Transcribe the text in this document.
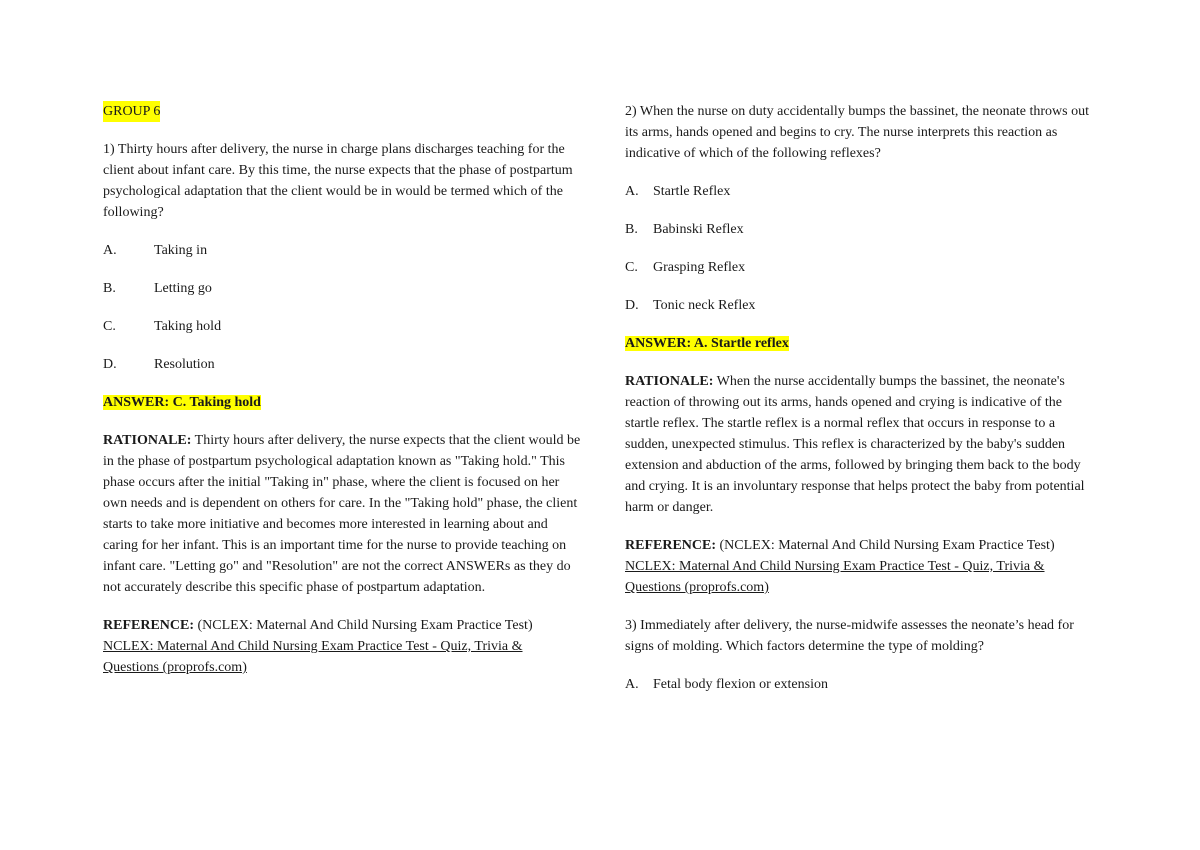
GROUP 6

1) Thirty hours after delivery, the nurse in charge plans discharges teaching for the client about infant care. By this time, the nurse expects that the phase of postpartum psychological adaptation that the client would be in would be termed which of the following?

A.	Taking in
B.	Letting go
C.	Taking hold
D.	Resolution

ANSWER: C. Taking hold

RATIONALE: Thirty hours after delivery, the nurse expects that the client would be in the phase of postpartum psychological adaptation known as "Taking hold." This phase occurs after the initial "Taking in" phase, where the client is focused on her own needs and is dependent on others for care. In the "Taking hold" phase, the client starts to take more initiative and becomes more interested in learning about and caring for her infant. This is an important time for the nurse to provide teaching on infant care. "Letting go" and "Resolution" are not the correct ANSWERs as they do not accurately describe this specific phase of postpartum adaptation.

REFERENCE: (NCLEX: Maternal And Child Nursing Exam Practice Test) NCLEX: Maternal And Child Nursing Exam Practice Test - Quiz, Trivia & Questions (proprofs.com)

2) When the nurse on duty accidentally bumps the bassinet, the neonate throws out its arms, hands opened and begins to cry. The nurse interprets this reaction as indicative of which of the following reflexes?

A. Startle Reflex
B. Babinski Reflex
C. Grasping Reflex
D. Tonic neck Reflex

ANSWER: A. Startle reflex

RATIONALE: When the nurse accidentally bumps the bassinet, the neonate's reaction of throwing out its arms, hands opened and crying is indicative of the startle reflex. The startle reflex is a normal reflex that occurs in response to a sudden, unexpected stimulus. This reflex is characterized by the baby's sudden extension and abduction of the arms, followed by bringing them back to the body and crying. It is an involuntary response that helps protect the baby from potential harm or danger.

REFERENCE: (NCLEX: Maternal And Child Nursing Exam Practice Test) NCLEX: Maternal And Child Nursing Exam Practice Test - Quiz, Trivia & Questions (proprofs.com)

3) Immediately after delivery, the nurse-midwife assesses the neonate’s head for signs of molding. Which factors determine the type of molding?

A. Fetal body flexion or extension
